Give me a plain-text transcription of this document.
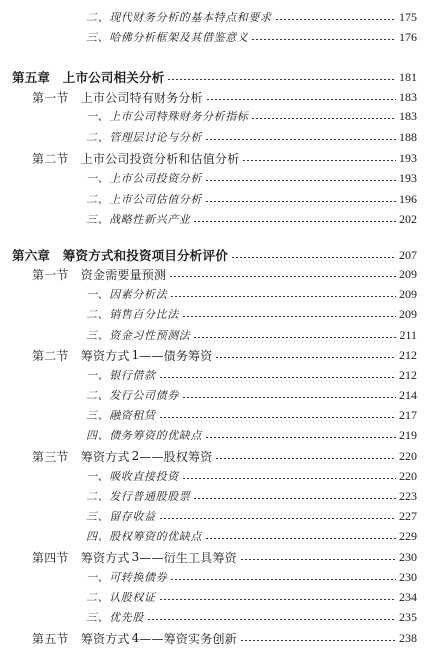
二、现代财务分析的基本特点和要求	175
三、哈佛分析框架及其借鉴意义	176
第五章　上市公司相关分析	181
第一节　上市公司特有财务分析	183
一、上市公司特殊财务分析指标	183
二、管理层讨论与分析	188
第二节　上市公司投资分析和估值分析	193
一、上市公司投资分析	193
二、上市公司估值分析	196
三、战略性新兴产业	202
第六章　筹资方式和投资项目分析评价	207
第一节　资金需要量预测	209
一、因素分析法	209
二、销售百分比法	209
三、资金习性预测法	211
第二节　筹资方式 1 ——债务筹资	212
一、银行借款	212
二、发行公司债券	214
三、融资租赁	217
四、债务筹资的优缺点	219
第三节　筹资方式 2 ——股权筹资	220
一、吸收直接投资	220
二、发行普通股股票	223
三、留存收益	227
四、股权筹资的优缺点	229
第四节　筹资方式 3 ——衍生工具筹资	230
一、可转换债券	230
二、认股权证	234
三、优先股	235
第五节　筹资方式 4 ——筹资实务创新	238
